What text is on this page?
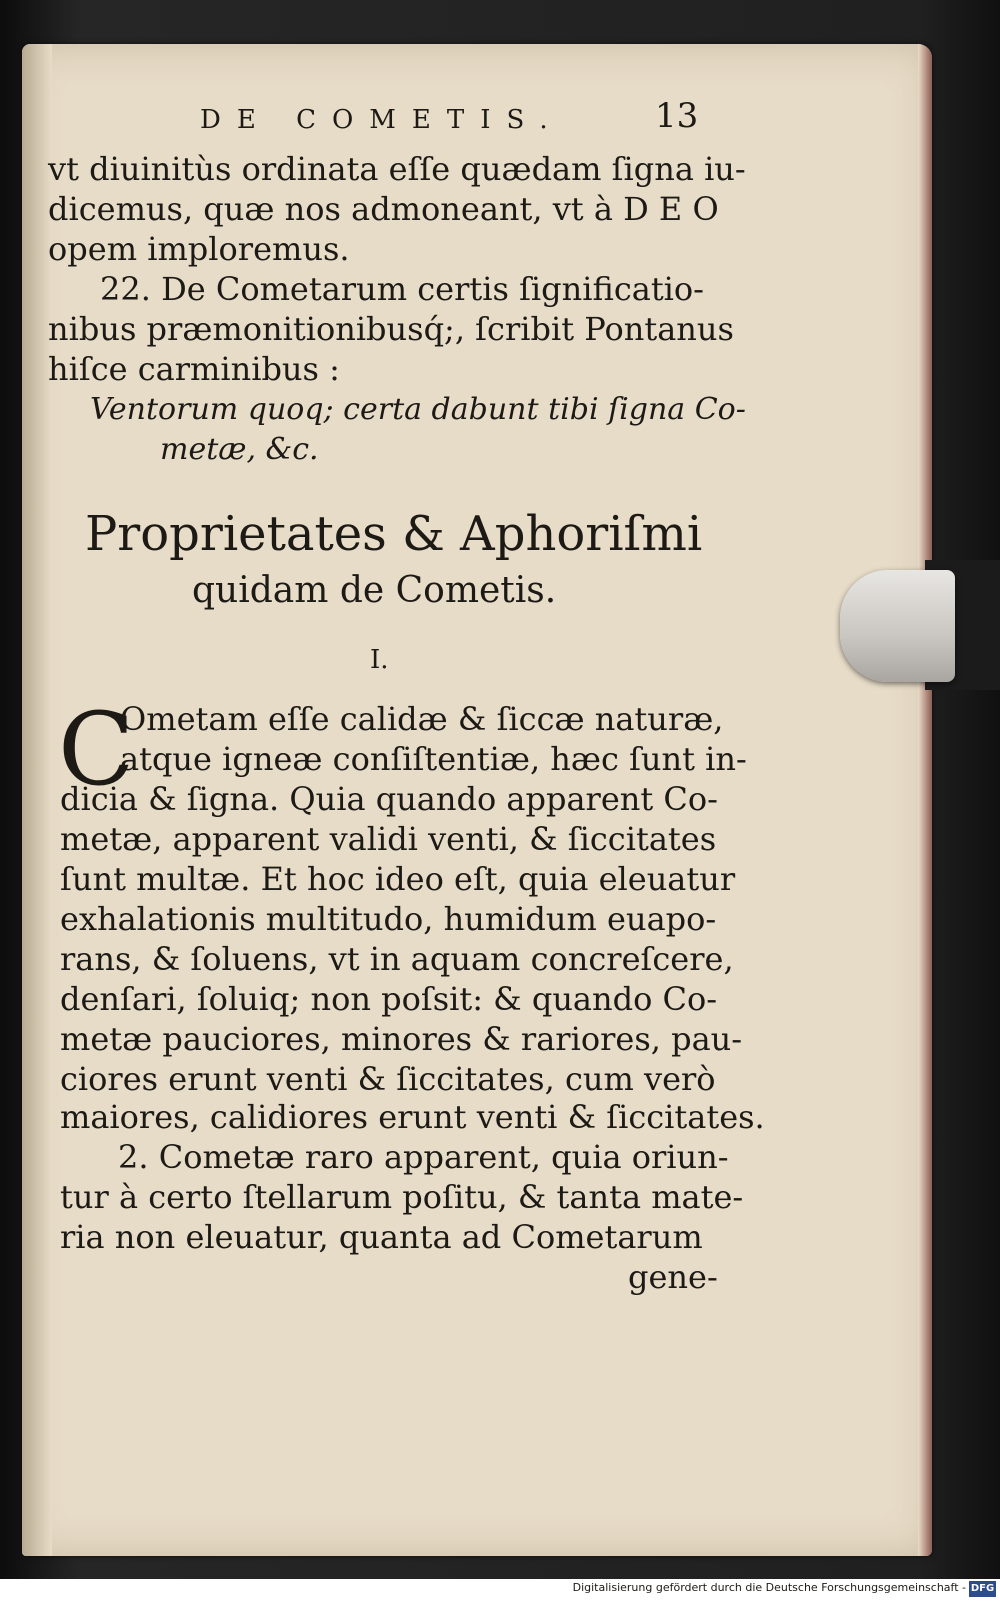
DE COMETIS.	13
vt diuinitùs ordinata eſſe quædam ſigna iu-
dicemus, quæ nos admoneant, vt à D E O
opem imploremus.
22. De Cometarum certis ſignificatio-
nibus præmonitionibusq́;, ſcribit Pontanus
hiſce carminibus :
Ventorum quoq; certa dabunt tibi ſigna Co-
metæ, &c.
Proprietates & Aphoriſmi
quidam de Cometis.
I.
C
Ometam eſſe calidæ & ſiccæ naturæ,
atque igneæ conſiſtentiæ, hæc ſunt in-
dicia & ſigna. Quia quando apparent Co-
metæ, apparent validi venti, & ſiccitates
ſunt multæ. Et hoc ideo eſt, quia eleuatur
exhalationis multitudo, humidum euapo-
rans, & ſoluens, vt in aquam concreſcere,
denſari, ſoluiq; non poſsit: & quando Co-
metæ pauciores, minores & rariores, pau-
ciores erunt venti & ſiccitates, cum verò
maiores, calidiores erunt venti & ſiccitates.
2. Cometæ raro apparent, quia oriun-
tur à certo ſtellarum poſitu, & tanta mate-
ria non eleuatur, quanta ad Cometarum
gene-
Digitalisierung gefördert durch die Deutsche Forschungsgemeinschaft - DFG
